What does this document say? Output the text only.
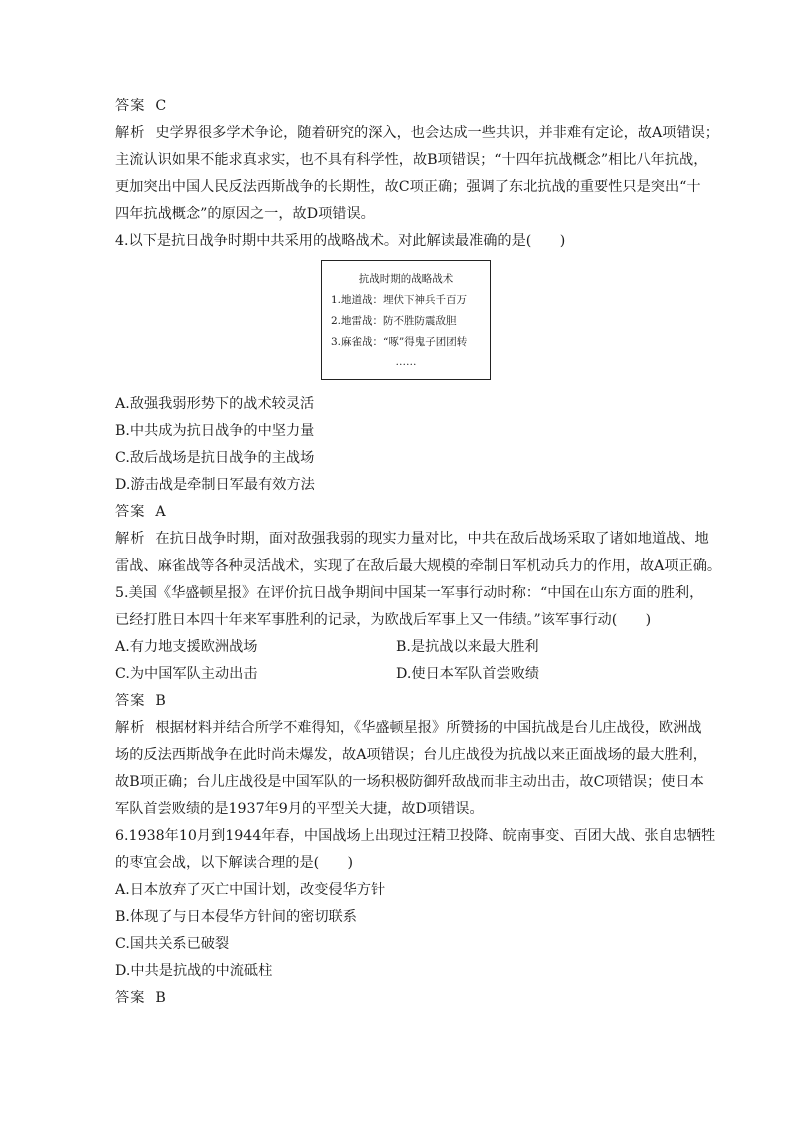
答案 C
解析 史学界很多学术争论，随着研究的深入，也会达成一些共识，并非难有定论，故A项错误；
主流认识如果不能求真求实，也不具有科学性，故B项错误；“十四年抗战概念”相比八年抗战，
更加突出中国人民反法西斯战争的长期性，故C项正确；强调了东北抗战的重要性只是突出“十
四年抗战概念”的原因之一，故D项错误。
4.以下是抗日战争时期中共采用的战略战术。对此解读最准确的是(　　)
抗战时期的战略战术
1.地道战：埋伏下神兵千百万
2.地雷战：防不胜防震敌胆
3.麻雀战：“啄”得鬼子团团转
……
A.敌强我弱形势下的战术较灵活
B.中共成为抗日战争的中坚力量
C.敌后战场是抗日战争的主战场
D.游击战是牵制日军最有效方法
答案 A
解析 在抗日战争时期，面对敌强我弱的现实力量对比，中共在敌后战场采取了诸如地道战、地
雷战、麻雀战等各种灵活战术，实现了在敌后最大规模的牵制日军机动兵力的作用，故A项正确。
5.美国《华盛顿星报》在评价抗日战争期间中国某一军事行动时称：“中国在山东方面的胜利，
已经打胜日本四十年来军事胜利的记录，为欧战后军事上又一伟绩。”该军事行动(　　)
A.有力地支援欧洲战场	B.是抗战以来最大胜利
C.为中国军队主动出击	D.使日本军队首尝败绩
答案 B
解析 根据材料并结合所学不难得知，《华盛顿星报》所赞扬的中国抗战是台儿庄战役，欧洲战
场的反法西斯战争在此时尚未爆发，故A项错误；台儿庄战役为抗战以来正面战场的最大胜利，
故B项正确；台儿庄战役是中国军队的一场积极防御歼敌战而非主动出击，故C项错误；使日本
军队首尝败绩的是1937年9月的平型关大捷，故D项错误。
6.1938年10月到1944年春，中国战场上出现过汪精卫投降、皖南事变、百团大战、张自忠牺牲
的枣宜会战，以下解读合理的是(　　)
A.日本放弃了灭亡中国计划，改变侵华方针
B.体现了与日本侵华方针间的密切联系
C.国共关系已破裂
D.中共是抗战的中流砥柱
答案 B
